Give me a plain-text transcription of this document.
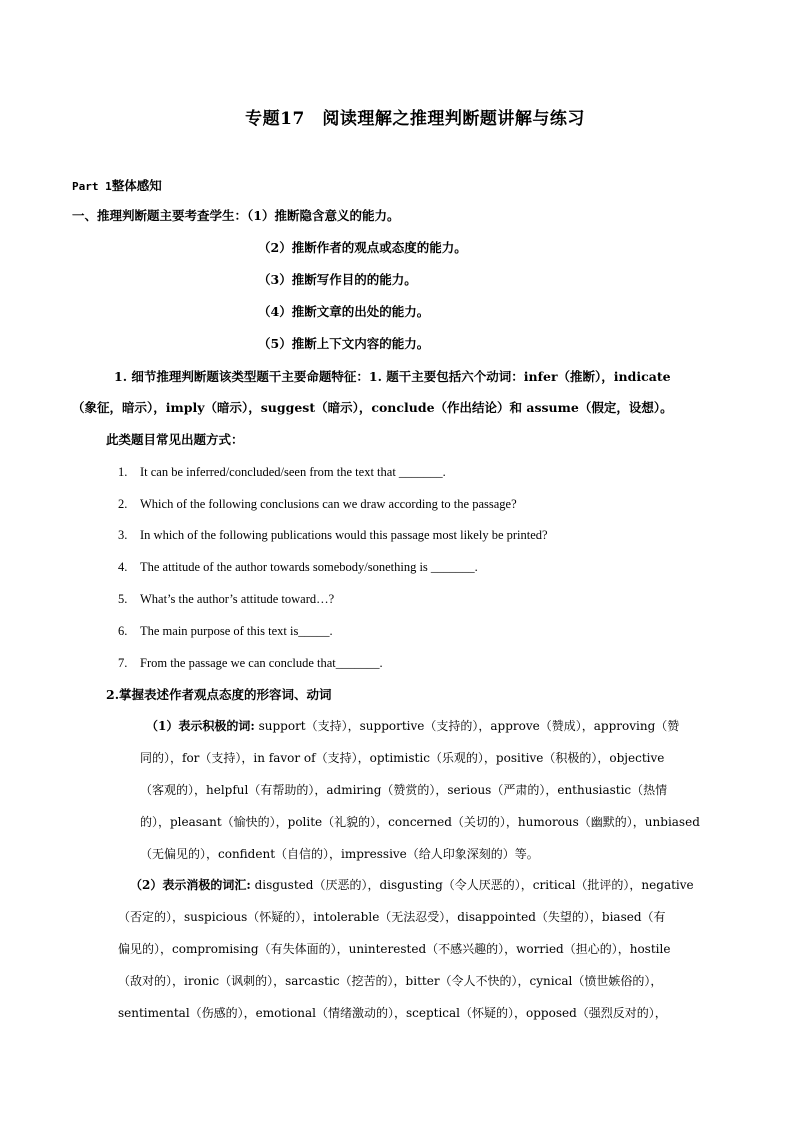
专题17　阅读理解之推理判断题讲解与练习
Part 1整体感知
一、推理判断题主要考查学生：（1）推断隐含意义的能力。
（2）推断作者的观点或态度的能力。
（3）推断写作目的的能力。
（4）推断文章的出处的能力。
（5）推断上下文内容的能力。
1. 细节推理判断题该类型题干主要命题特征：1. 题干主要包括六个动词：infer（推断），indicate
（象征，暗示），imply（暗示），suggest（暗示），conclude（作出结论）和 assume（假定，设想）。
此类题目常见出题方式：
1. It can be inferred/concluded/seen from the text that _______.
2. Which of the following conclusions can we draw according to the passage?
3. In which of the following publications would this passage most likely be printed?
4. The attitude of the author towards somebody/sonething is _______.
5. What’s the author’s attitude toward…?
6. The main purpose of this text is_____.
7. From the passage we can conclude that_______.
2.掌握表述作者观点态度的形容词、动词
（1）表示积极的词: support（支持），supportive（支持的），approve（赞成），approving（赞
同的），for（支持），in favor of（支持），optimistic（乐观的），positive（积极的），objective
（客观的），helpful（有帮助的），admiring（赞赏的），serious（严肃的），enthusiastic（热情
的），pleasant（愉快的），polite（礼貌的），concerned（关切的），humorous（幽默的），unbiased
（无偏见的），confident（自信的），impressive（给人印象深刻的）等。
（2）表示消极的词汇: disgusted（厌恶的），disgusting（令人厌恶的），critical（批评的），negative
（否定的），suspicious（怀疑的），intolerable（无法忍受），disappointed（失望的），biased（有
偏见的），compromising（有失体面的），uninterested（不感兴趣的），worried（担心的），hostile
（敌对的），ironic（讽刺的），sarcastic（挖苦的），bitter（令人不快的），cynical（愤世嫉俗的），
sentimental（伤感的），emotional（情绪激动的），sceptical（怀疑的），opposed（强烈反对的），
